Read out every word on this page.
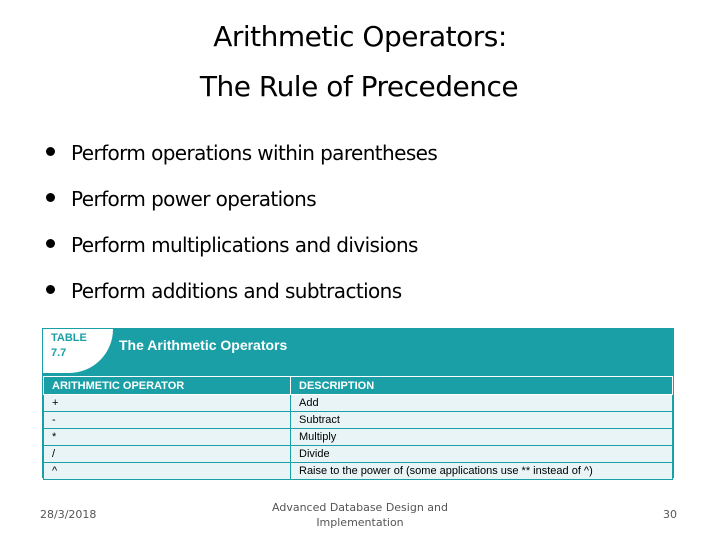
Arithmetic Operators:
The Rule of Precedence
Perform operations within parentheses
Perform power operations
Perform multiplications and divisions
Perform additions and subtractions
TABLE
7.7	The Arithmetic Operators
ARITHMETIC OPERATOR	DESCRIPTION
+	Add
-	Subtract
*	Multiply
/	Divide
^	Raise to the power of (some applications use ** instead of ^)
28/3/2018
Advanced Database Design and Implementation
30
